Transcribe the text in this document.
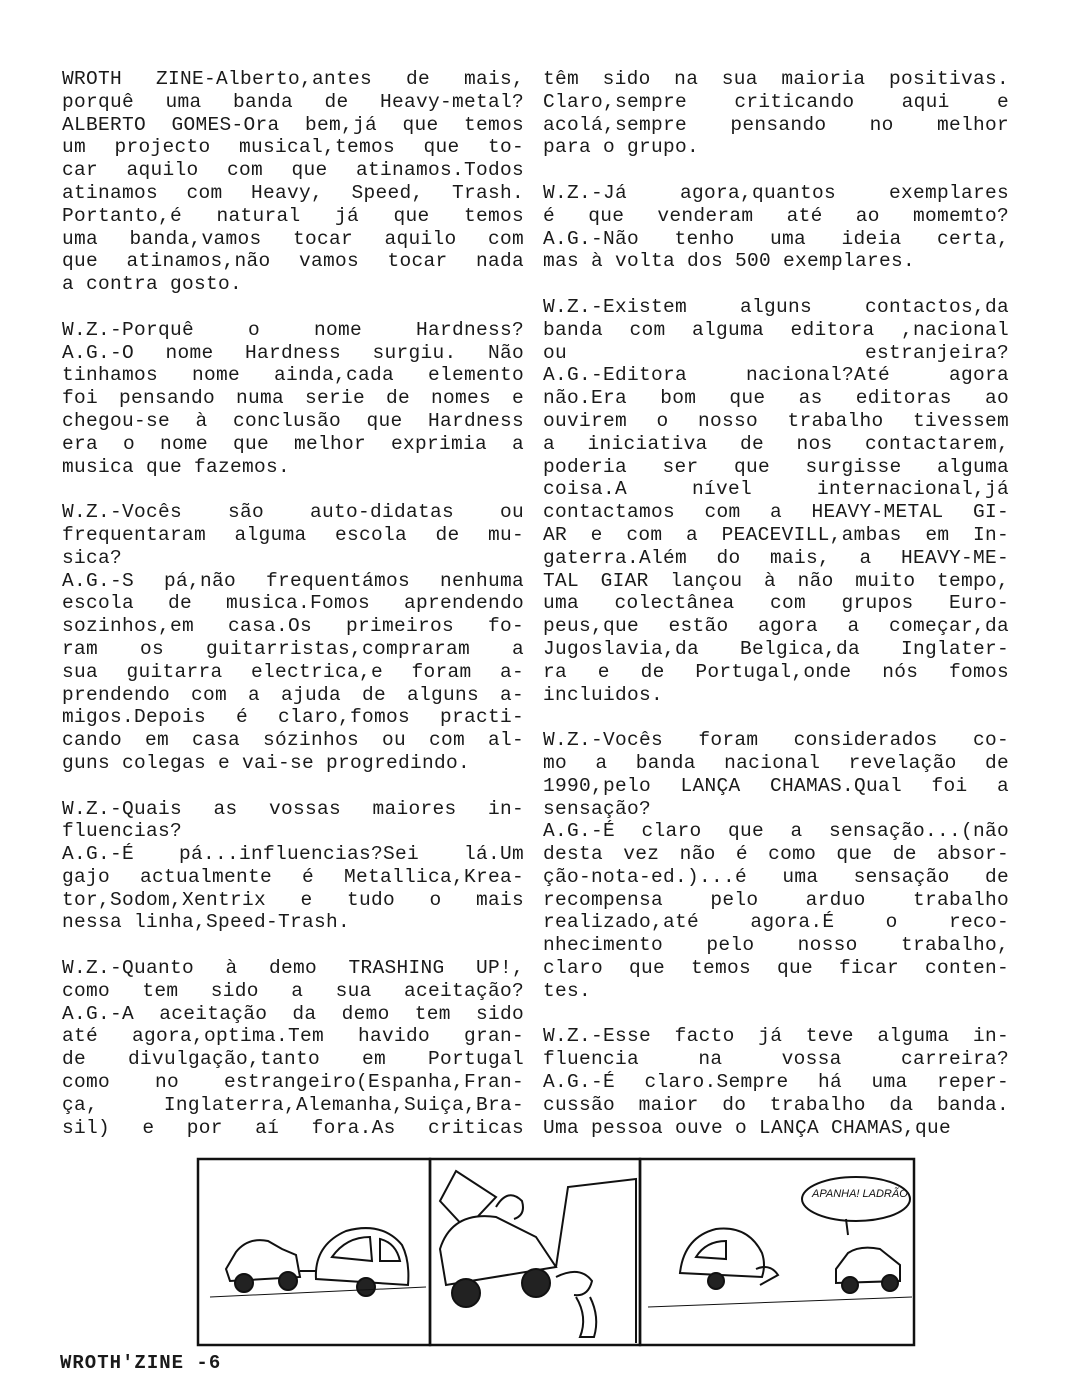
WROTH ZINE-Alberto,antes de mais,
porquê uma banda de Heavy-metal?
ALBERTO GOMES-Ora bem,já que temos
um projecto musical,temos que to-
car aquilo com que atinamos.Todos
atinamos com Heavy, Speed, Trash.
Portanto,é natural já que temos
uma banda,vamos tocar aquilo com
que atinamos,não vamos tocar nada
a contra gosto.
W.Z.-Porquê o nome Hardness?
A.G.-O nome Hardness surgiu. Não
tinhamos nome ainda,cada elemento
foi pensando numa serie de nomes e
chegou-se à conclusão que Hardness
era o nome que melhor exprimia a
musica que fazemos.
W.Z.-Vocês são auto-didatas ou
frequentaram alguma escola de mu-
sica?
A.G.-S pá,não frequentámos nenhuma
escola de musica.Fomos aprendendo
sozinhos,em casa.Os primeiros fo-
ram os guitarristas,compraram a
sua guitarra electrica,e foram a-
prendendo com a ajuda de alguns a-
migos.Depois é claro,fomos practi-
cando em casa sózinhos ou com al-
guns colegas e vai-se progredindo.
W.Z.-Quais as vossas maiores in-
fluencias?
A.G.-É pá...influencias?Sei lá.Um
gajo actualmente é Metallica,Krea-
tor,Sodom,Xentrix e tudo o mais
nessa linha,Speed-Trash.
W.Z.-Quanto à demo TRASHING UP!,
como tem sido a sua aceitação?
A.G.-A aceitação da demo tem sido
até agora,optima.Tem havido gran-
de divulgação,tanto em Portugal
como no estrangeiro(Espanha,Fran-
ça, Inglaterra,Alemanha,Suiça,Bra-
sil) e por aí fora.As criticas
têm sido na sua maioria positivas.
Claro,sempre criticando aqui e
acolá,sempre pensando no melhor
para o grupo.
W.Z.-Já agora,quantos exemplares
é que venderam até ao momemto?
A.G.-Não tenho uma ideia certa,
mas à volta dos 500 exemplares.
W.Z.-Existem alguns contactos,da
banda com alguma editora ,nacional
ou estranjeira?
A.G.-Editora nacional?Até agora
não.Era bom que as editoras ao
ouvirem o nosso trabalho tivessem
a iniciativa de nos contactarem,
poderia ser que surgisse alguma
coisa.A nível internacional,já
contactamos com a HEAVY-METAL GI-
AR e com a PEACEVILL,ambas em In-
gaterra.Além do mais, a HEAVY-ME-
TAL GIAR lançou à não muito tempo,
uma colectânea com grupos Euro-
peus,que estão agora a começar,da
Jugoslavia,da Belgica,da Inglater-
ra e de Portugal,onde nós fomos
incluidos.
W.Z.-Vocês foram considerados co-
mo a banda nacional revelação de
1990,pelo LANÇA CHAMAS.Qual foi a
sensação?
A.G.-É claro que a sensação...(não
desta vez não é como que de absor-
ção-nota-ed.)...é uma sensação de
recompensa pelo arduo trabalho
realizado,até agora.É o reco-
nhecimento pelo nosso trabalho,
claro que temos que ficar conten-
tes.
W.Z.-Esse facto já teve alguma in-
fluencia na vossa carreira?
A.G.-É claro.Sempre há uma reper-
cussão maior do trabalho da banda.
Uma pessoa ouve o LANÇA CHAMAS,que
APANHA! LADRÃO
WROTH'ZINE -6
